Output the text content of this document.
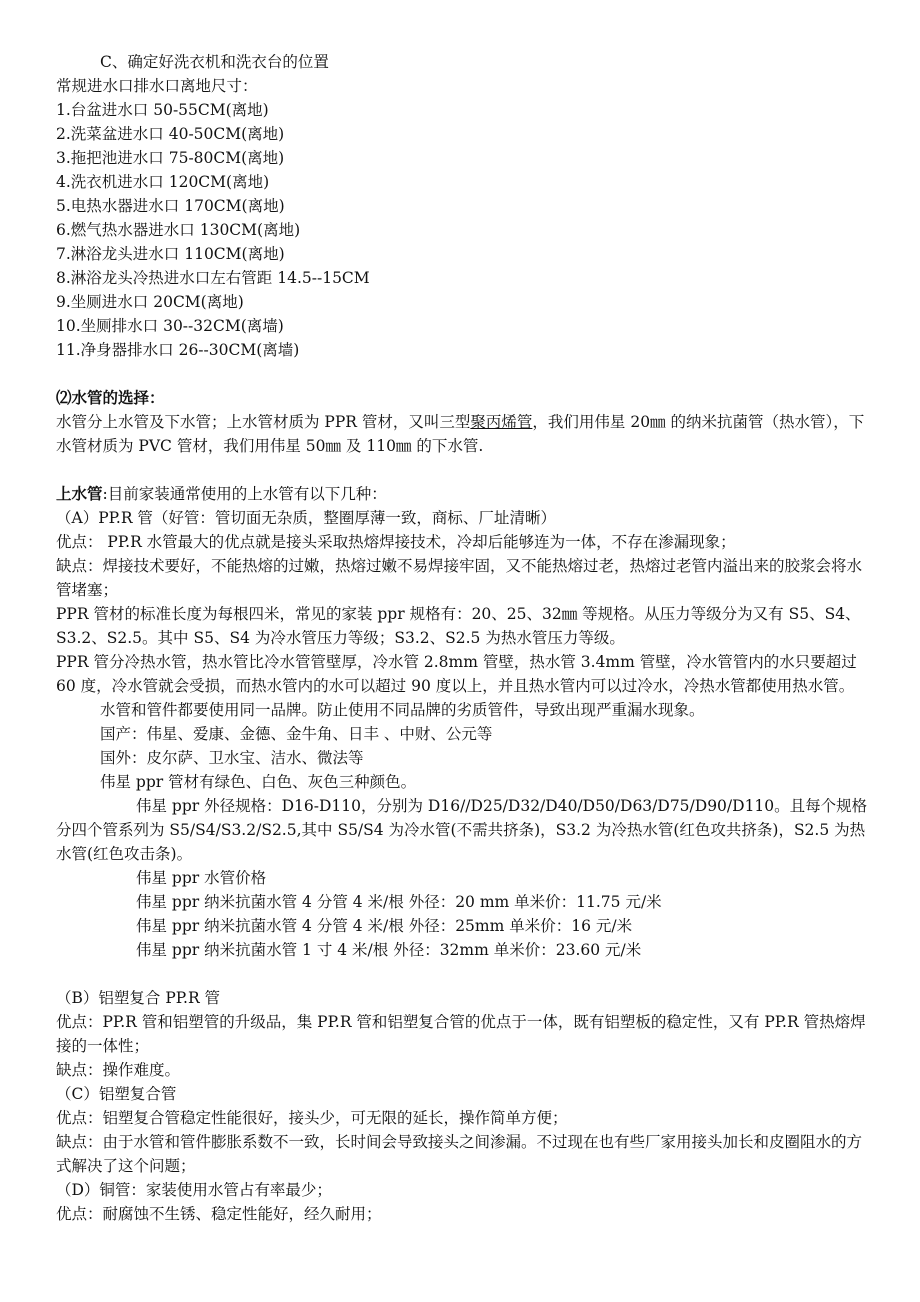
C、确定好洗衣机和洗衣台的位置

常规进水口排水口离地尺寸：

1.台盆进水口 50-55CM(离地)

2.洗菜盆进水口 40-50CM(离地)

3.拖把池进水口 75-80CM(离地)

4.洗衣机进水口 120CM(离地)

5.电热水器进水口 170CM(离地)

6.燃气热水器进水口 130CM(离地)

7.淋浴龙头进水口 110CM(离地)

8.淋浴龙头冷热进水口左右管距 14.5--15CM

9.坐厕进水口 20CM(离地)

10.坐厕排水口 30--32CM(离墙)

11.净身器排水口 26--30CM(离墙)

⑵水管的选择：

水管分上水管及下水管；上水管材质为 PPR 管材，又叫三型聚丙烯管，我们用伟星 20㎜ 的纳米抗菌管（热水管），下水管材质为 PVC 管材，我们用伟星 50㎜ 及 110㎜ 的下水管.

上水管:目前家装通常使用的上水管有以下几种：

（A）PP.R 管（好管：管切面无杂质，整圈厚薄一致，商标、厂址清晰）

优点： PP.R 水管最大的优点就是接头采取热熔焊接技术，冷却后能够连为一体，不存在渗漏现象；

缺点：焊接技术要好，不能热熔的过嫩，热熔过嫩不易焊接牢固，又不能热熔过老，热熔过老管内溢出来的胶浆会将水管堵塞；

PPR 管材的标准长度为每根四米，常见的家装 ppr 规格有：20、25、32㎜ 等规格。从压力等级分为又有 S5、S4、S3.2、S2.5。其中 S5、S4 为冷水管压力等级；S3.2、S2.5 为热水管压力等级。

PPR 管分冷热水管，热水管比冷水管管壁厚，冷水管 2.8mm 管壁，热水管 3.4mm 管壁，冷水管管内的水只要超过 60 度，冷水管就会受损，而热水管内的水可以超过 90 度以上，并且热水管内可以过冷水，冷热水管都使用热水管。

水管和管件都要使用同一品牌。防止使用不同品牌的劣质管件，导致出现严重漏水现象。

国产：伟星、爱康、金德、金牛角、日丰 、中财、公元等

国外：皮尔萨、卫水宝、洁水、微法等

伟星 ppr 管材有绿色、白色、灰色三种颜色。

伟星 ppr 外径规格：D16-D110，分别为 D16//D25/D32/D40/D50/D63/D75/D90/D110。且每个规格分四个管系列为 S5/S4/S3.2/S2.5,其中 S5/S4 为冷水管(不需共挤条)，S3.2 为冷热水管(红色攻共挤条)，S2.5 为热水管(红色攻击条)。

伟星 ppr 水管价格

伟星 ppr 纳米抗菌水管 4 分管 4 米/根 外径：20 mm 单米价：11.75 元/米

伟星 ppr 纳米抗菌水管 4 分管 4 米/根 外径：25mm 单米价：16 元/米

伟星 ppr 纳米抗菌水管 1 寸 4 米/根 外径：32mm 单米价：23.60 元/米

（B）铝塑复合 PP.R 管

优点：PP.R 管和铝塑管的升级品，集 PP.R 管和铝塑复合管的优点于一体，既有铝塑板的稳定性，又有 PP.R 管热熔焊接的一体性；

缺点：操作难度。

（C）铝塑复合管

优点：铝塑复合管稳定性能很好，接头少，可无限的延长，操作简单方便；

缺点：由于水管和管件膨胀系数不一致，长时间会导致接头之间渗漏。不过现在也有些厂家用接头加长和皮圈阻水的方式解决了这个问题；

（D）铜管：家装使用水管占有率最少；

优点：耐腐蚀不生锈、稳定性能好，经久耐用；
